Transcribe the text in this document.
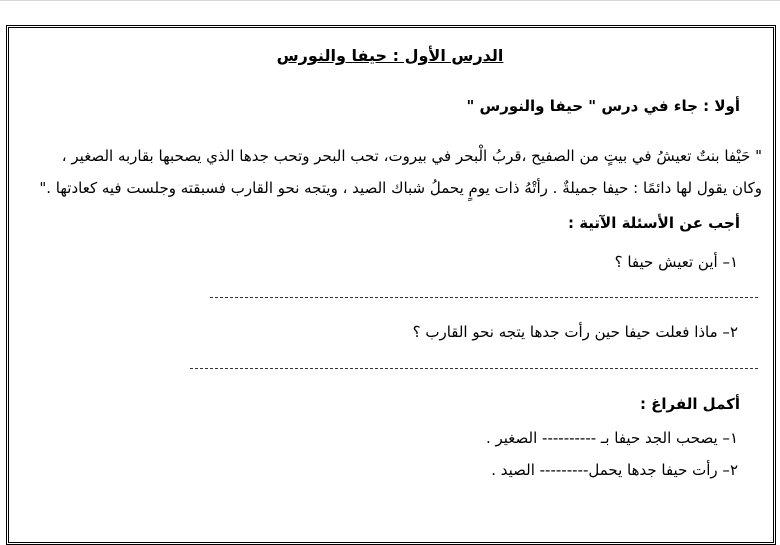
الدرس الأول : حيفا والنورس
أولا : جاء في درس " حيفا والنورس "
" حَيْفا بنتٌ تعيشُ في بيتٍ من الصفيح ،قربُ الْبحر في بيروت، تحب البحر وتحب جدها الذي يصحبها بقاربه الصغير ،
وكان يقول لها دائمًا : حيفا جميلةٌ . رأتْهُ ذات يومٍ يحملُ شباك الصيد ، ويتجه نحو القارب فسبقته وجلست فيه كعادتها ."
أجب عن الأسئلة الآتية :
١– أين تعيش حيفا ؟
٢– ماذا فعلت حيفا حين رأت جدها يتجه نحو القارب ؟
أكمل الفراغ :
١– يصحب الجد حيفا بـ ---------- الصغير .
٢– رأت حيفا جدها يحمل--------- الصيد .
